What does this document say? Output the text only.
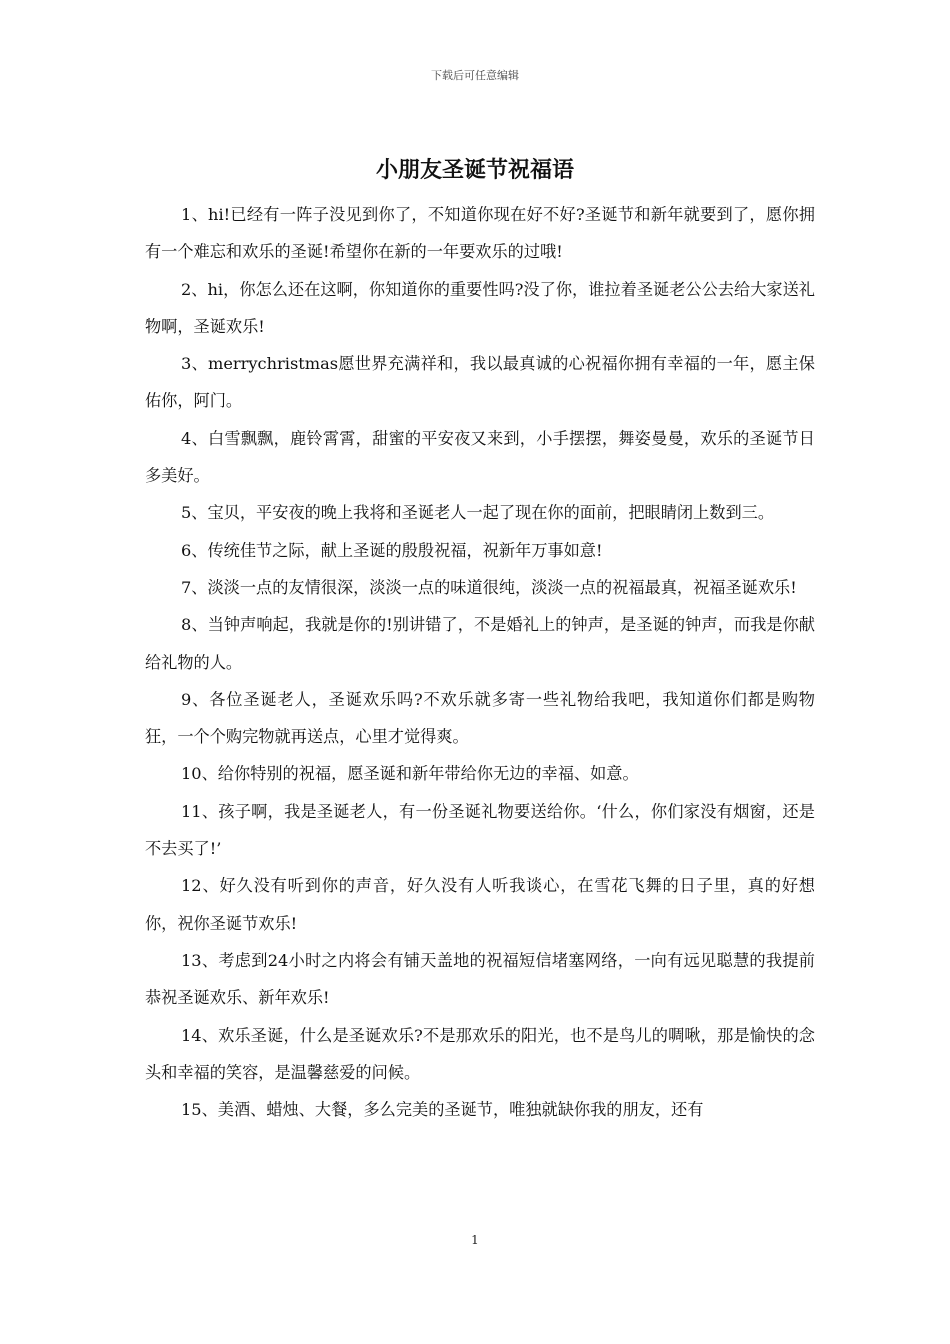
下载后可任意编辑
小朋友圣诞节祝福语

1、hi!已经有一阵子没见到你了，不知道你现在好不好?圣诞节和新年就要到了，愿你拥有一个难忘和欢乐的圣诞!希望你在新的一年要欢乐的过哦!

2、hi，你怎么还在这啊，你知道你的重要性吗?没了你，谁拉着圣诞老公公去给大家送礼物啊，圣诞欢乐!

3、merrychristmas愿世界充满祥和，我以最真诚的心祝福你拥有幸福的一年，愿主保佑你，阿门。

4、白雪飘飘，鹿铃霄霄，甜蜜的平安夜又来到，小手摆摆，舞姿曼曼，欢乐的圣诞节日多美好。

5、宝贝，平安夜的晚上我将和圣诞老人一起了现在你的面前，把眼睛闭上数到三。

6、传统佳节之际，献上圣诞的殷殷祝福，祝新年万事如意!

7、淡淡一点的友情很深，淡淡一点的味道很纯，淡淡一点的祝福最真，祝福圣诞欢乐!

8、当钟声响起，我就是你的!别讲错了，不是婚礼上的钟声，是圣诞的钟声，而我是你献给礼物的人。

9、各位圣诞老人，圣诞欢乐吗?不欢乐就多寄一些礼物给我吧，我知道你们都是购物狂，一个个购完物就再送点，心里才觉得爽。

10、给你特别的祝福，愿圣诞和新年带给你无边的幸福、如意。

11、孩子啊，我是圣诞老人，有一份圣诞礼物要送给你。‘什么，你们家没有烟窗，还是不去买了!’

12、好久没有听到你的声音，好久没有人听我谈心，在雪花飞舞的日子里，真的好想你，祝你圣诞节欢乐!

13、考虑到24小时之内将会有铺天盖地的祝福短信堵塞网络，一向有远见聪慧的我提前恭祝圣诞欢乐、新年欢乐!

14、欢乐圣诞，什么是圣诞欢乐?不是那欢乐的阳光，也不是鸟儿的啁啾，那是愉快的念头和幸福的笑容，是温馨慈爱的问候。

15、美酒、蜡烛、大餐，多么完美的圣诞节，唯独就缺你我的朋友，还有

1
